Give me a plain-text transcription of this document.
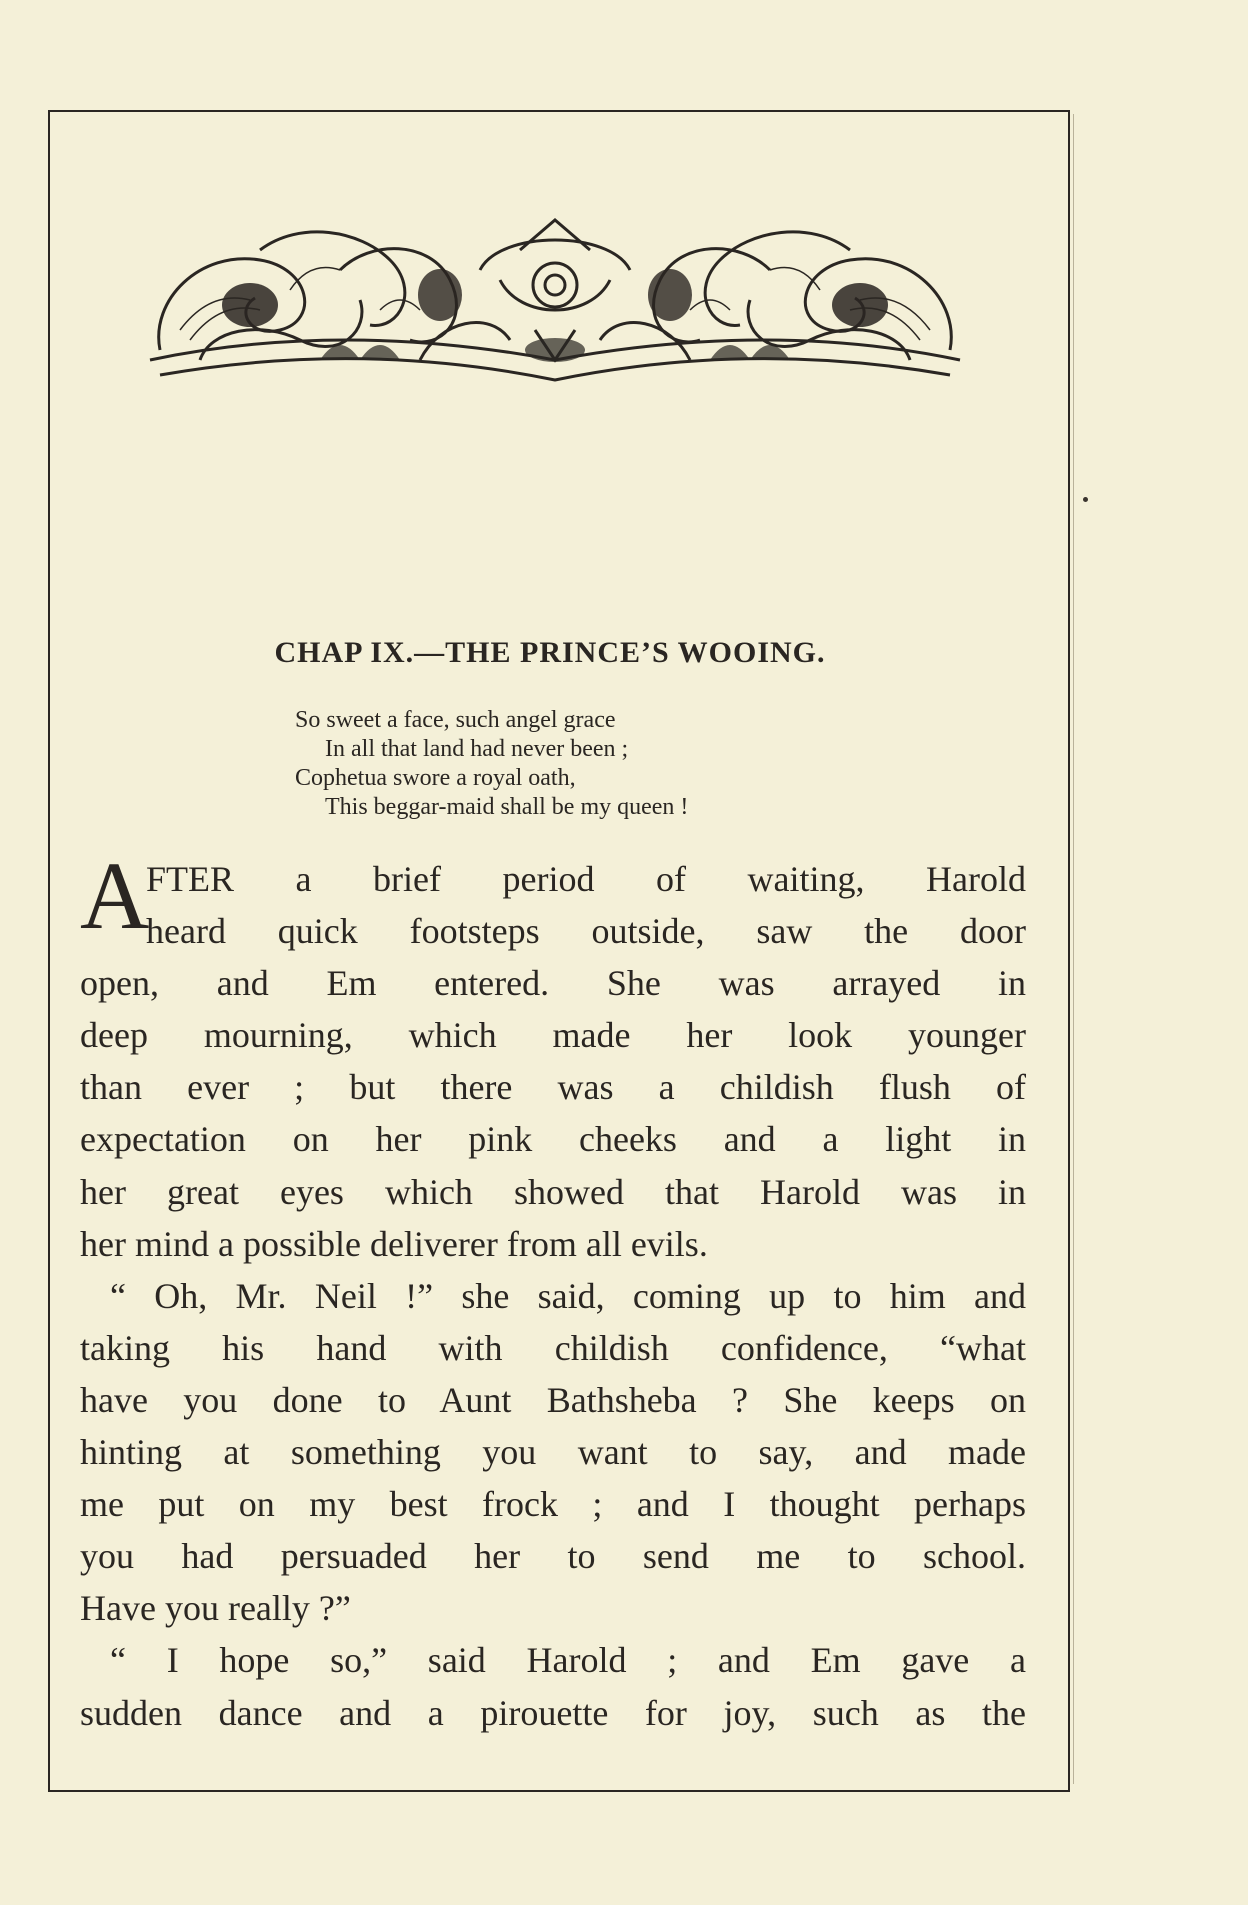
CHAP IX.—THE PRINCE’S WOOING.
So sweet a face, such angel grace
In all that land had never been ;
Cophetua swore a royal oath,
This beggar-maid shall be my queen !
A
FTER a brief period of waiting, Harold
heard quick footsteps outside, saw the door
open, and Em entered. She was arrayed in
deep mourning, which made her look younger
than ever ; but there was a childish flush of
expectation on her pink cheeks and a light in
her great eyes which showed that Harold was in
her mind a possible deliverer from all evils.
“ Oh, Mr. Neil !” she said, coming up to him and
taking his hand with childish confidence, “what
have you done to Aunt Bathsheba ? She keeps on
hinting at something you want to say, and made
me put on my best frock ; and I thought perhaps
you had persuaded her to send me to school.
Have you really ?”
“ I hope so,” said Harold ; and Em gave a
sudden dance and a pirouette for joy, such as the
